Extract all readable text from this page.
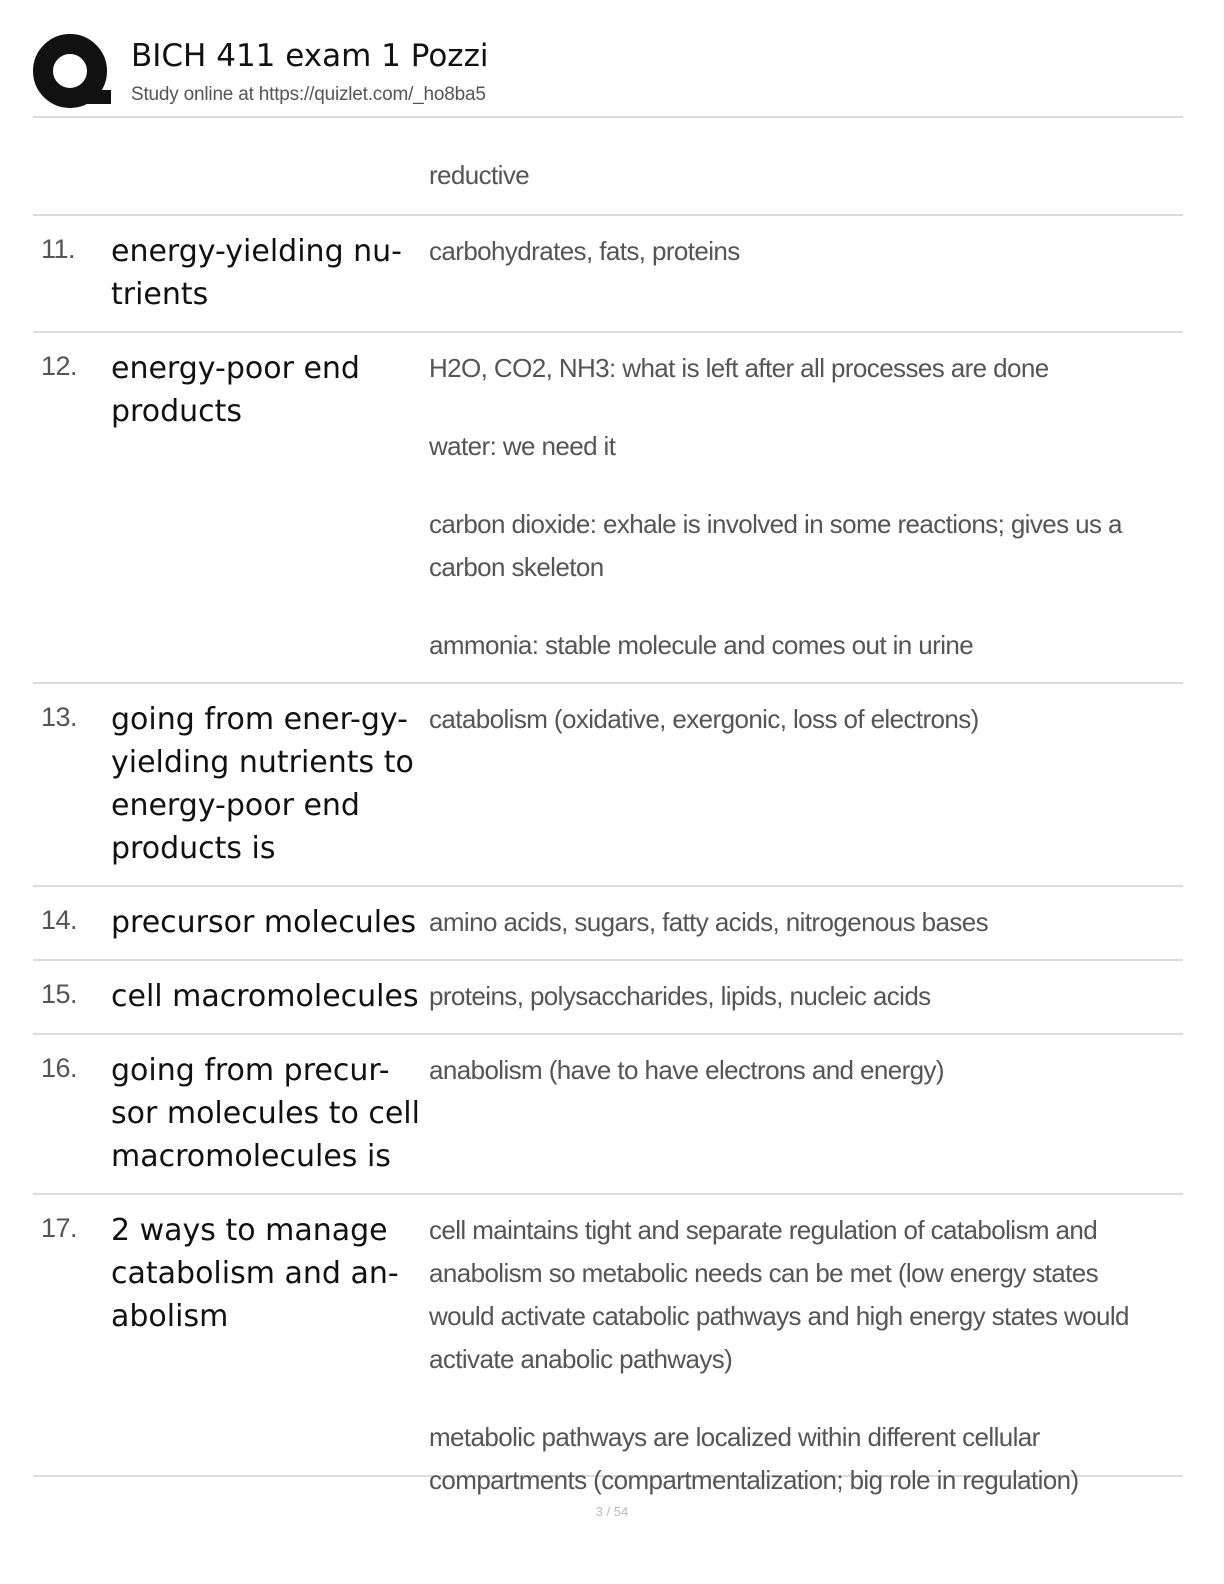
BICH 411 exam 1 Pozzi
Study online at https://quizlet.com/_ho8ba5
reductive
11. energy-yielding nu-trients
carbohydrates, fats, proteins
12. energy-poor end products
H2O, CO2, NH3: what is left after all processes are done
water: we need it
carbon dioxide: exhale is involved in some reactions; gives us a carbon skeleton
ammonia: stable molecule and comes out in urine
13. going from ener-gy-yielding nutrients to energy-poor end products is
catabolism (oxidative, exergonic, loss of electrons)
14. precursor molecules amino acids, sugars, fatty acids, nitrogenous bases
15. cell macromolecules proteins, polysaccharides, lipids, nucleic acids
16. going from precur-sor molecules to cell macromolecules is
anabolism (have to have electrons and energy)
17. 2 ways to manage catabolism and an-abolism
cell maintains tight and separate regulation of catabolism and anabolism so metabolic needs can be met (low energy states would activate catabolic pathways and high energy states would activate anabolic pathways)
metabolic pathways are localized within different cellular compartments (compartmentalization; big role in regulation)
3 / 54
